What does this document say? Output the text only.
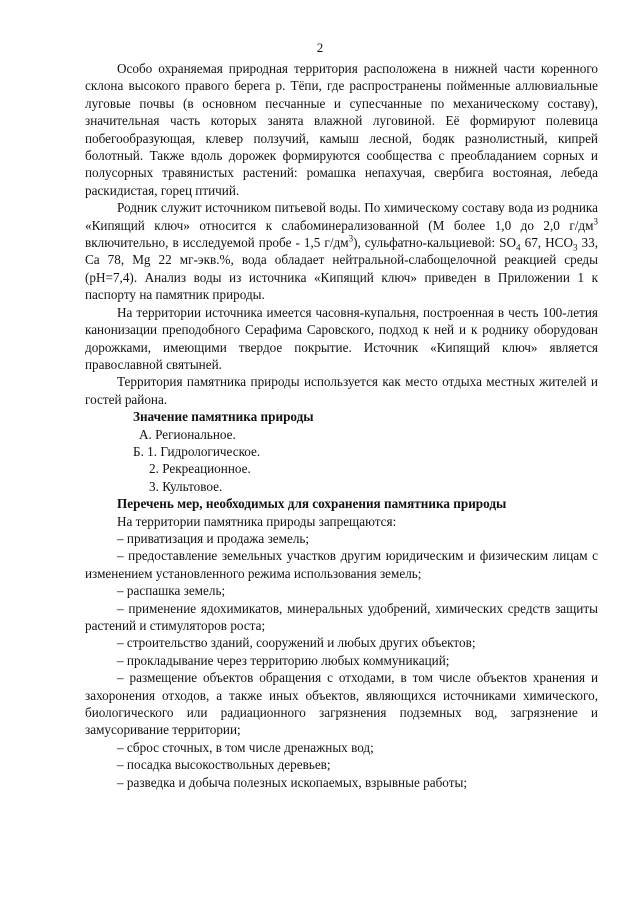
2

Особо охраняемая природная территория расположена в нижней части коренного склона высокого правого берега р. Тёпи, где распространены пойменные аллювиальные луговые почвы (в основном песчанные и супесчанные по механическому составу), значительная часть которых занята влажной луговиной. Её формируют полевица побегообразующая, клевер ползучий, камыш лесной, бодяк разнолистный, кипрей болотный. Также вдоль дорожек формируются сообщества с преобладанием сорных и полусорных травянистых растений: ромашка непахучая, свербига востояная, лебеда раскидистая, горец птичий.

Родник служит источником питьевой воды. По химическому составу вода из родника «Кипящий ключ» относится к слабоминерализованной (М более 1,0 до 2,0 $г/дм^3$ включительно, в исследуемой пробе - 1,5 $г/дм^3$), сульфатно-кальциевой: $SO_4$ 67, $HCO_3$ 33, Ca 78, Mg 22 мг-экв.%, вода обладает нейтральной-слабощелочной реакцией среды (pH=7,4). Анализ воды из источника «Кипящий ключ» приведен в Приложении 1 к паспорту на памятник природы.

На территории источника имеется часовня-купальня, построенная в честь 100-летия канонизации преподобного Серафима Саровского, подход к ней и к роднику оборудован дорожками, имеющими твердое покрытие. Источник «Кипящий ключ» является православной святыней.

Территория памятника природы используется как место отдыха местных жителей и гостей района.

Значение памятника природы

А. Региональное.

Б. 1. Гидрологическое.

2. Рекреационное.

3. Культовое.

Перечень мер, необходимых для сохранения памятника природы

На территории памятника природы запрещаются:

– приватизация и продажа земель;

– предоставление земельных участков другим юридическим и физическим лицам с изменением установленного режима использования земель;

– распашка земель;

– применение ядохимикатов, минеральных удобрений, химических средств защиты растений и стимуляторов роста;

– строительство зданий, сооружений и любых других объектов;

– прокладывание через территорию любых коммуникаций;

– размещение объектов обращения с отходами, в том числе объектов хранения и захоронения отходов, а также иных объектов, являющихся источниками химического, биологического или радиационного загрязнения подземных вод, загрязнение и замусоривание территории;

– сброс сточных, в том числе дренажных вод;

– посадка высокоствольных деревьев;

– разведка и добыча полезных ископаемых, взрывные работы;
